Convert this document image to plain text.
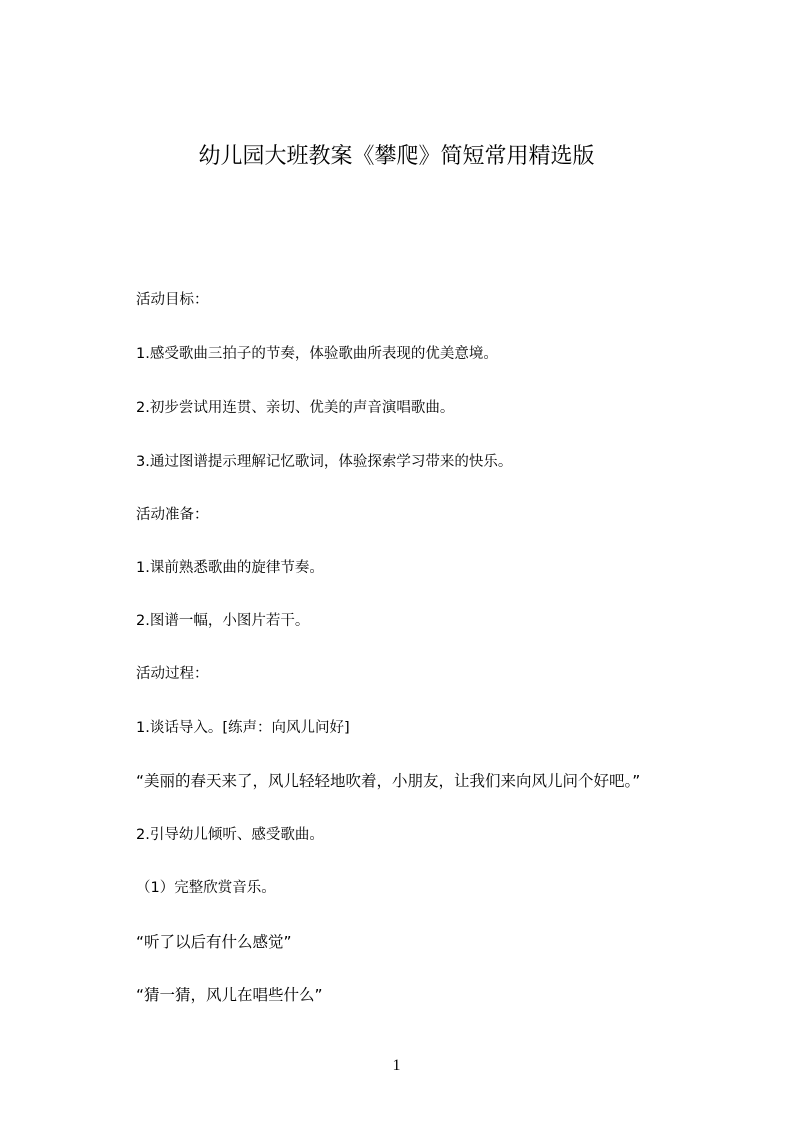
幼儿园大班教案《攀爬》简短常用精选版
活动目标：
1.感受歌曲三拍子的节奏，体验歌曲所表现的优美意境。
2.初步尝试用连贯、亲切、优美的声音演唱歌曲。
3.通过图谱提示理解记忆歌词，体验探索学习带来的快乐。
活动准备：
1.课前熟悉歌曲的旋律节奏。
2.图谱一幅，小图片若干。
活动过程：
1.谈话导入。[练声：向风儿问好]
“美丽的春天来了，风儿轻轻地吹着，小朋友，让我们来向风儿问个好吧。”
2.引导幼儿倾听、感受歌曲。
（1）完整欣赏音乐。
“听了以后有什么感觉”
“猜一猜，风儿在唱些什么”
1
